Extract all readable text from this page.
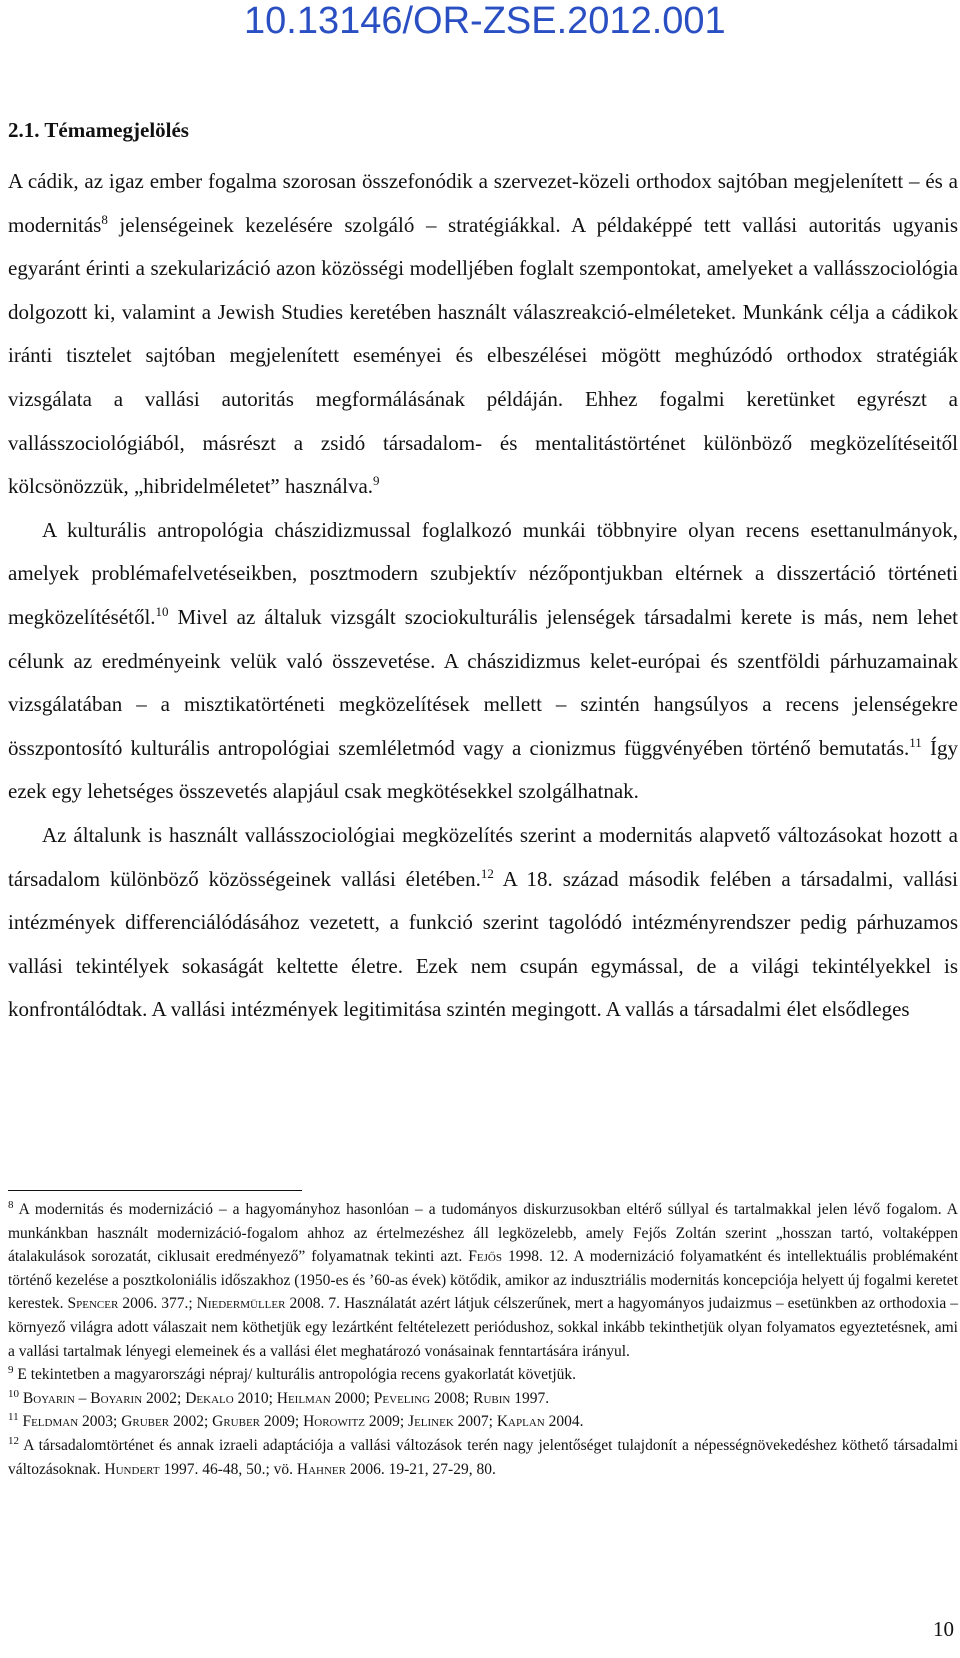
10.13146/OR-ZSE.2012.001
2.1. Témamegjelölés

A cádik, az igaz ember fogalma szorosan összefonódik a szervezet-közeli orthodox sajtóban megjelenített – és a modernitás$^8$ jelenségeinek kezelésére szolgáló – stratégiákkal. A példaképpé tett vallási autoritás ugyanis egyaránt érinti a szekularizáció azon közösségi modelljében foglalt szempontokat, amelyeket a vallásszociológia dolgozott ki, valamint a Jewish Studies keretében használt válaszreakció-elméleteket. Munkánk célja a cádikok iránti tisztelet sajtóban megjelenített eseményei és elbeszélései mögött meghúzódó orthodox stratégiák vizsgálata a vallási autoritás megformálásának példáján. Ehhez fogalmi keretünket egyrészt a vallásszociológiából, másrészt a zsidó társadalom- és mentalitástörténet különböző megközelítéseitől kölcsönözzük, „hibridelméletet” használva.$^9$

A kulturális antropológia chászidizmussal foglalkozó munkái többnyire olyan recens esettanulmányok, amelyek problémafelvetéseikben, posztmodern szubjektív nézőpontjukban eltérnek a disszertáció történeti megközelítésétől.$^{10}$ Mivel az általuk vizsgált szociokulturális jelenségek társadalmi kerete is más, nem lehet célunk az eredményeink velük való összevetése. A chászidizmus kelet-európai és szentföldi párhuzamainak vizsgálatában – a misztikatörténeti megközelítések mellett – szintén hangsúlyos a recens jelenségekre összpontosító kulturális antropológiai szemléletmód vagy a cionizmus függvényében történő bemutatás.$^{11}$ Így ezek egy lehetséges összevetés alapjául csak megkötésekkel szolgálhatnak.

Az általunk is használt vallásszociológiai megközelítés szerint a modernitás alapvető változásokat hozott a társadalom különböző közösségeinek vallási életében.$^{12}$ A 18. század második felében a társadalmi, vallási intézmények differenciálódásához vezetett, a funkció szerint tagolódó intézményrendszer pedig párhuzamos vallási tekintélyek sokaságát keltette életre. Ezek nem csupán egymással, de a világi tekintélyekkel is konfrontálódtak. A vallási intézmények legitimitása szintén megingott. A vallás a társadalmi élet elsődleges

$^8$ A modernitás és modernizáció – a hagyományhoz hasonlóan – a tudományos diskurzusokban eltérő súllyal és tartalmakkal jelen lévő fogalom. A munkánkban használt modernizáció-fogalom ahhoz az értelmezéshez áll legközelebb, amely Fejős Zoltán szerint „hosszan tartó, voltaképpen átalakulások sorozatát, ciklusait eredményező” folyamatnak tekinti azt. Fejős 1998. 12. A modernizáció folyamatként és intellektuális problémaként történő kezelése a posztkoloniális időszakhoz (1950-es és ’60-as évek) kötődik, amikor az indusztriális modernitás koncepciója helyett új fogalmi keretet kerestek. Spencer 2006. 377.; Niedermüller 2008. 7. Használatát azért látjuk célszerűnek, mert a hagyományos judaizmus – esetünkben az orthodoxia – környező világra adott válaszait nem köthetjük egy lezártként feltételezett periódushoz, sokkal inkább tekinthetjük olyan folyamatos egyeztetésnek, ami a vallási tartalmak lényegi elemeinek és a vallási élet meghatározó vonásainak fenntartására irányul.

$^9$ E tekintetben a magyarországi népraj/ kulturális antropológia recens gyakorlatát követjük.

$^{10}$ Boyarin – Boyarin 2002; Dekalo 2010; Heilman 2000; Peveling 2008; Rubin 1997.

$^{11}$ Feldman 2003; Gruber 2002; Gruber 2009; Horowitz 2009; Jelinek 2007; Kaplan 2004.

$^{12}$ A társadalomtörténet és annak izraeli adaptációja a vallási változások terén nagy jelentőséget tulajdonít a népességnövekedéshez köthető társadalmi változásoknak. Hundert 1997. 46-48, 50.; vö. Hahner 2006. 19-21, 27-29, 80.

10
